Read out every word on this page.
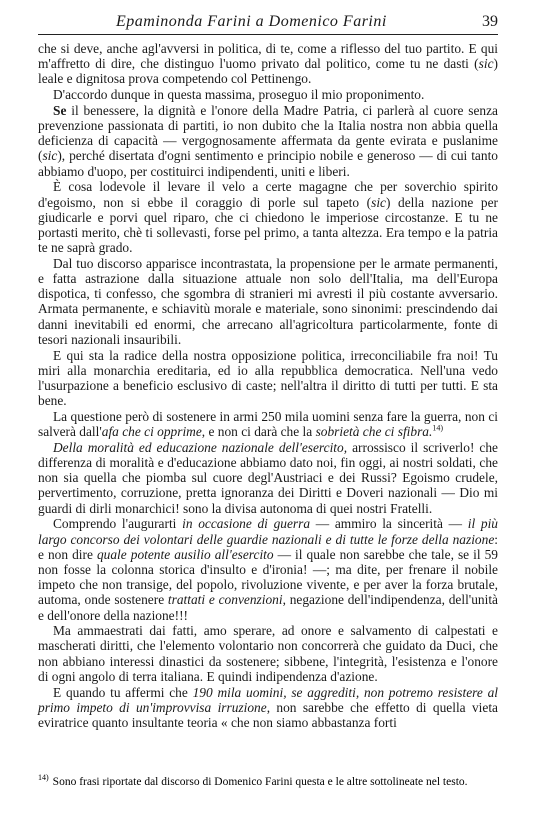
Epaminonda Farini a Domenico Farini	39

che si deve, anche agl'avversi in politica, di te, come a riflesso del tuo partito. E qui m'affretto di dire, che distinguo l'uomo privato dal politico, come tu ne dasti (sic) leale e dignitosa prova competendo col Pettinengo.

D'accordo dunque in questa massima, proseguo il mio proponimento.

Se il benessere, la dignità e l'onore della Madre Patria, ci parlerà al cuore senza prevenzione passionata di partiti, io non dubito che la Italia nostra non abbia quella deficienza di capacità — vergognosamente affermata da gente evirata e puslanime (sic), perché disertata d'ogni sentimento e principio nobile e generoso — di cui tanto abbiamo d'uopo, per costituirci indipendenti, uniti e liberi.

È cosa lodevole il levare il velo a certe magagne che per soverchio spirito d'egoismo, non si ebbe il coraggio di porle sul tapeto (sic) della nazione per giudicarle e porvi quel riparo, che ci chiedono le imperiose circostanze. E tu ne portasti merito, chè ti sollevasti, forse pel primo, a tanta altezza. Era tempo e la patria te ne saprà grado.

Dal tuo discorso apparisce incontrastata, la propensione per le armate permanenti, e fatta astrazione dalla situazione attuale non solo dell'Italia, ma dell'Europa dispotica, ti confesso, che sgombra di stranieri mi avresti il più costante avversario. Armata permanente, e schiavitù morale e materiale, sono sinonimi: prescindendo dai danni inevitabili ed enormi, che arrecano all'agricoltura particolarmente, fonte di tesori nazionali insauribili.

E qui sta la radice della nostra opposizione politica, irreconciliabile fra noi! Tu miri alla monarchia ereditaria, ed io alla repubblica democratica. Nell'una vedo l'usurpazione a beneficio esclusivo di caste; nell'altra il diritto di tutti per tutti. E sta bene.

La questione però di sostenere in armi 250 mila uomini senza fare la guerra, non ci salverà dall'afa che ci opprime, e non ci darà che la sobrietà che ci sfibra.$^{14)}$

Della moralità ed educazione nazionale dell'esercito, arrossisco il scriverlo! che differenza di moralità e d'educazione abbiamo dato noi, fin oggi, ai nostri soldati, che non sia quella che piomba sul cuore degl'Austriaci e dei Russi? Egoismo crudele, pervertimento, corruzione, pretta ignoranza dei Diritti e Doveri nazionali — Dio mi guardi di dirli monarchici! sono la divisa autonoma di quei nostri Fratelli.

Comprendo l'augurarti in occasione di guerra — ammiro la sincerità — il più largo concorso dei volontari delle guardie nazionali e di tutte le forze della nazione: e non dire quale potente ausilio all'esercito — il quale non sarebbe che tale, se il 59 non fosse la colonna storica d'insulto e d'ironia! —; ma dite, per frenare il nobile impeto che non transige, del popolo, rivoluzione vivente, e per aver la forza brutale, automa, onde sostenere trattati e convenzioni, negazione dell'indipendenza, dell'unità e dell'onore della nazione!!!

Ma ammaestrati dai fatti, amo sperare, ad onore e salvamento di calpestati e mascherati diritti, che l'elemento volontario non concorrerà che guidato da Duci, che non abbiano interessi dinastici da sostenere; sibbene, l'integrità, l'esistenza e l'onore di ogni angolo di terra italiana. E quindi indipendenza d'azione.

E quando tu affermi che 190 mila uomini, se aggrediti, non potremo resistere al primo impeto di un'improvvisa irruzione, non sarebbe che effetto di quella vieta eviratrice quanto insultante teoria « che non siamo abbastanza forti

$^{14)}$ Sono frasi riportate dal discorso di Domenico Farini questa e le altre sottolineate nel testo.
